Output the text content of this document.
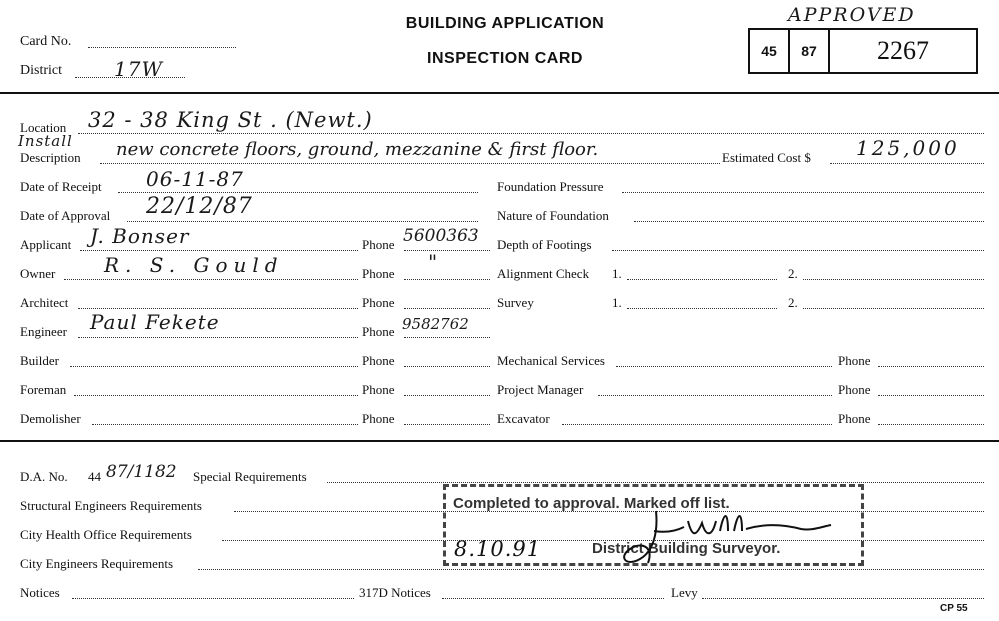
Card No.
District	17W
BUILDING APPLICATION
INSPECTION CARD
APPROVED
45	87	2267
Location 32 - 38 King St . (Newt.)
Install
Description new concrete floors, ground, mezzanine & first floor.	Estimated Cost $ 125,000
Date of Receipt 06-11-87	Foundation Pressure
Date of Approval 22/12/87	Nature of Foundation
Applicant J. Bonser	Phone 5600363 Depth of Footings
Owner R. S. Gould	Phone "	Alignment Check 1.	2.
Architect	Phone	Survey	1.	2.
Engineer Paul Fekete	Phone 9582762
Builder	Phone	Mechanical Services	Phone
Foreman	Phone	Project Manager	Phone
Demolisher	Phone	Excavator	Phone
D.A. No. 44 87/1182 Special Requirements
Structural Engineers Requirements
City Health Office Requirements
City Engineers Requirements
Notices	317D Notices	Levy
CP 55
Completed to approval. Marked off list.
District Building Surveyor.
8.10.91
